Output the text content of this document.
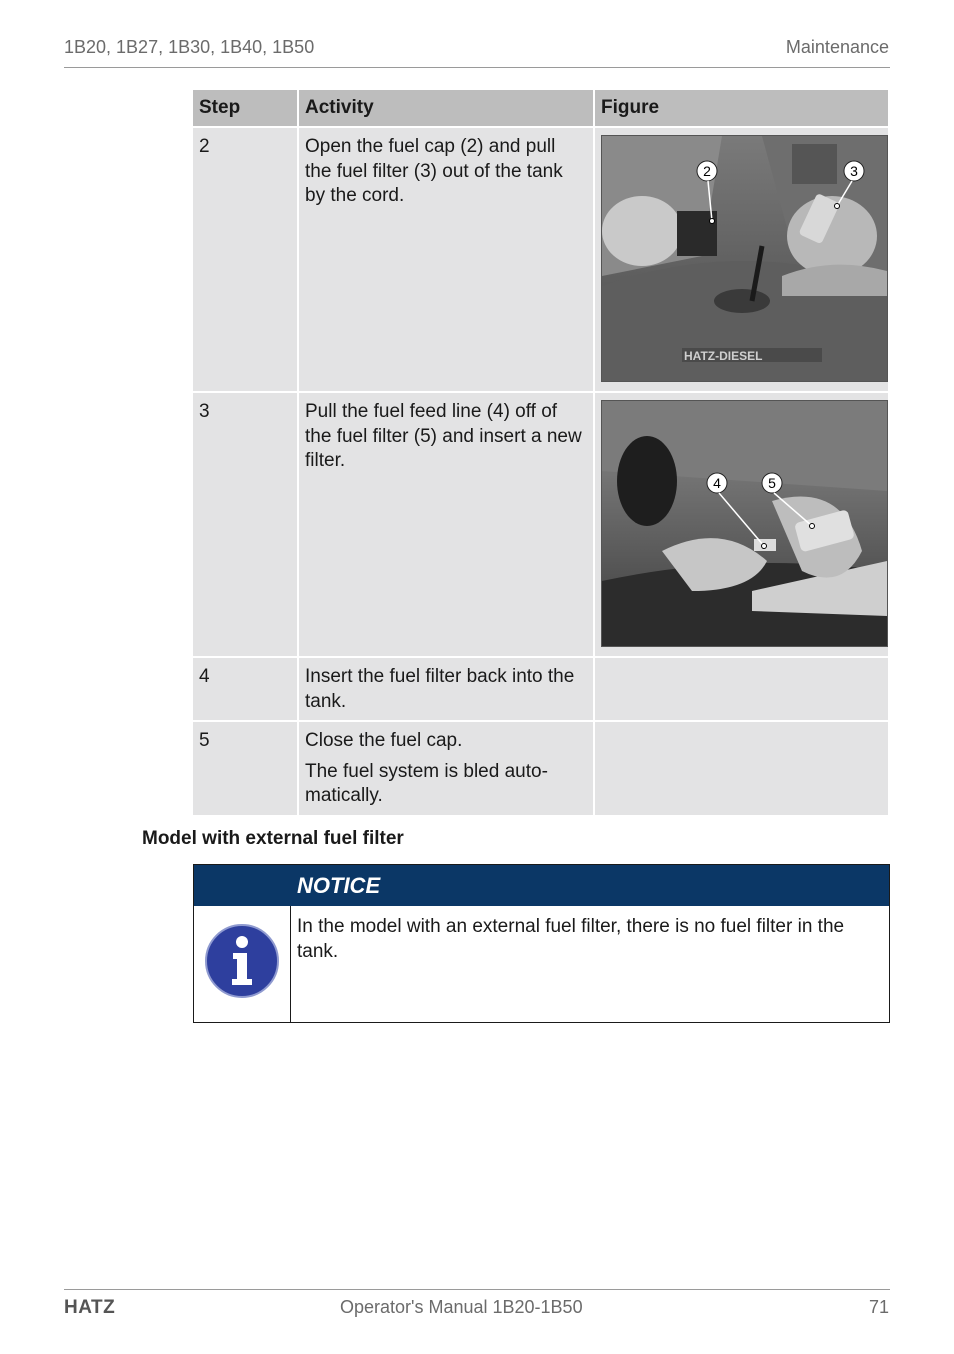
1B20, 1B27, 1B30, 1B40, 1B50	Maintenance
Step	Activity	Figure
2	Open the fuel cap (2) and pull the fuel filter (3) out of the tank by the cord.	HATZ-DIESEL
2 3

3	Pull the fuel feed line (4) off of the fuel filter (5) and insert a new filter.	4 5

4	Insert the fuel filter back into the tank.	

5	Close the fuel cap.
The fuel system is bled auto-matically.	

Model with external fuel filter
NOTICE
In the model with an external fuel filter, there is no fuel filter in the tank.
HATZ	Operator's Manual 1B20-1B50	71
